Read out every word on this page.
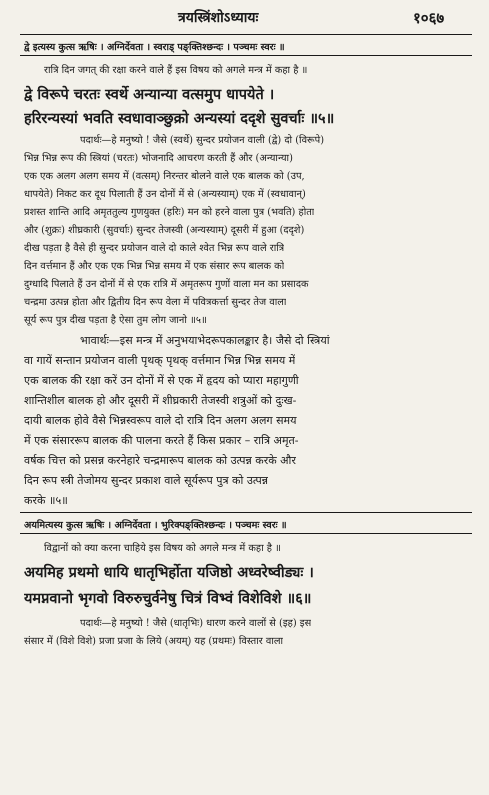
त्रयस्त्रिंशोऽध्यायः	१०६७
द्वे इत्यस्य कुत्स ऋषिः । अग्निर्देवता । स्वराड् पङ्क्तिश्छन्दः । पञ्चमः स्वरः ॥
रात्रि दिन जगत् की रक्षा करने वाले हैं इस विषय को अगले मन्त्र में कहा है ॥
द्वे विरूपे चरतः स्वर्थे अन्यान्या वत्समुप धापयेते ।
हरिरन्यस्यां भवति स्वधावाञ्छुक्रो अन्यस्यां ददृशे सुवर्चाः ॥५॥
पदार्थः—हे मनुष्यो ! जैसे (स्वर्थे) सुन्दर प्रयोजन वाली (द्वे) दो (विरूपे)
भिन्न भिन्न रूप की स्त्रियां (चरतः) भोजनादि आचरण करती हैं और (अन्यान्या)
एक एक अलग अलग समय में (वत्सम्) निरन्तर बोलने वाले एक बालक को (उप,
धापयेते) निकट कर दूध पिलाती हैं उन दोनों में से (अन्यस्याम्) एक में (स्वधावान्)
प्रशस्त शान्ति आदि अमृततुल्य गुणयुक्त (हरिः) मन को हरने वाला पुत्र (भवति) होता
और (शुक्रः) शीघ्रकारी (सुवर्चाः) सुन्दर तेजस्वी (अन्यस्याम्) दूसरी में हुआ (ददृशे)
दीख पड़ता है वैसे ही सुन्दर प्रयोजन वाले दो काले श्वेत भिन्न रूप वाले रात्रि
दिन वर्त्तमान हैं और एक एक भिन्न भिन्न समय में एक संसार रूप बालक को
दुग्धादि पिलाते हैं उन दोनों में से एक रात्रि में अमृतरूप गुणों वाला मन का प्रसादक
चन्द्रमा उत्पन्न होता और द्वितीय दिन रूप वेला में पवित्रकर्त्ता सुन्दर तेज वाला
सूर्य रूप पुत्र दीख पड़ता है ऐसा तुम लोग जानो ॥५॥
भावार्थः—इस मन्त्र में अनुभयाभेदरूपकालङ्कार है। जैसे दो स्त्रियां
वा गायें सन्तान प्रयोजन वाली पृथक् पृथक् वर्त्तमान भिन्न भिन्न समय में
एक बालक की रक्षा करें उन दोनों में से एक में हृदय को प्यारा महागुणी
शान्तिशील बालक हो और दूसरी में शीघ्रकारी तेजस्वी शत्रुओं को दुःख-
दायी बालक होवे वैसे भिन्नस्वरूप वाले दो रात्रि दिन अलग अलग समय
में एक संसाररूप बालक की पालना करते हैं किस प्रकार – रात्रि अमृत-
वर्षक चित्त को प्रसन्न करनेहारे चन्द्रमारूप बालक को उत्पन्न करके और
दिन रूप स्त्री तेजोमय सुन्दर प्रकाश वाले सूर्यरूप पुत्र को उत्पन्न
करके ॥५॥
अयमित्यस्य कुत्स ऋषिः । अग्निर्देवता । भुरिक्पङ्क्तिश्छन्दः । पञ्चमः स्वरः ॥
विद्वानों को क्या करना चाहिये इस विषय को अगले मन्त्र में कहा है ॥
अयमिह प्रथमो धायि धातृभिर्होता यजिष्ठो अध्वरेष्वीड्यः ।
यमप्नवानो भृगवो विरुरुचुर्वनेषु चित्रं विभ्वं विशेविशे ॥६॥
पदार्थः—हे मनुष्यो ! जैसे (धातृभिः) धारण करने वालों से (इह) इस
संसार में (विशे विशे) प्रजा प्रजा के लिये (अयम्) यह (प्रथमः) विस्तार वाला
